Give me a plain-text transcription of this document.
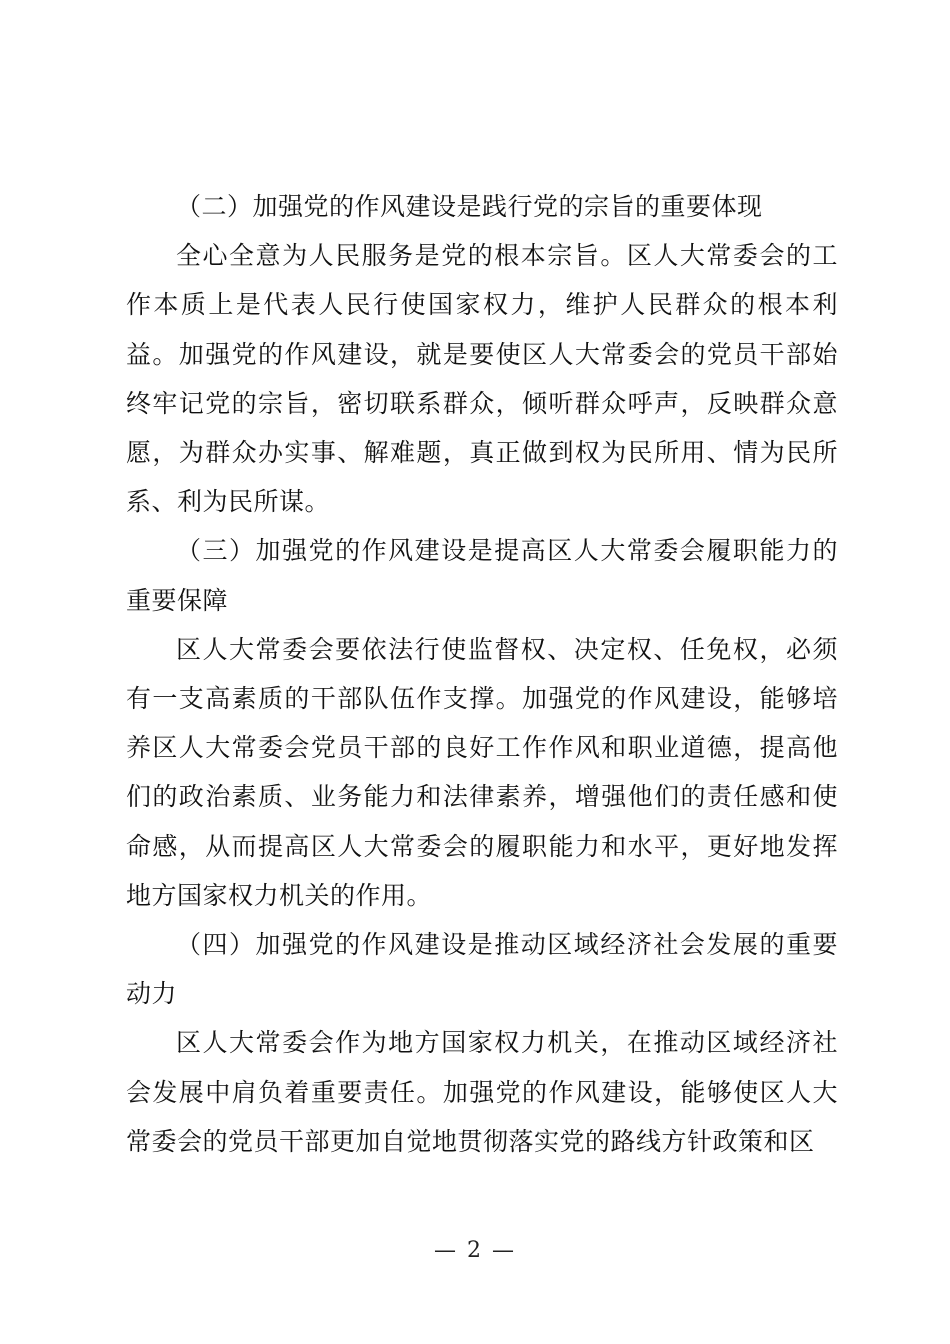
（二）加强党的作风建设是践行党的宗旨的重要体现

全心全意为人民服务是党的根本宗旨。区人大常委会的工作本质上是代表人民行使国家权力，维护人民群众的根本利益。加强党的作风建设，就是要使区人大常委会的党员干部始终牢记党的宗旨，密切联系群众，倾听群众呼声，反映群众意愿，为群众办实事、解难题，真正做到权为民所用、情为民所系、利为民所谋。

（三）加强党的作风建设是提高区人大常委会履职能力的重要保障

区人大常委会要依法行使监督权、决定权、任免权，必须有一支高素质的干部队伍作支撑。加强党的作风建设，能够培养区人大常委会党员干部的良好工作作风和职业道德，提高他们的政治素质、业务能力和法律素养，增强他们的责任感和使命感，从而提高区人大常委会的履职能力和水平，更好地发挥地方国家权力机关的作用。

（四）加强党的作风建设是推动区域经济社会发展的重要动力

区人大常委会作为地方国家权力机关，在推动区域经济社会发展中肩负着重要责任。加强党的作风建设，能够使区人大常委会的党员干部更加自觉地贯彻落实党的路线方针政策和区

— 2 —
